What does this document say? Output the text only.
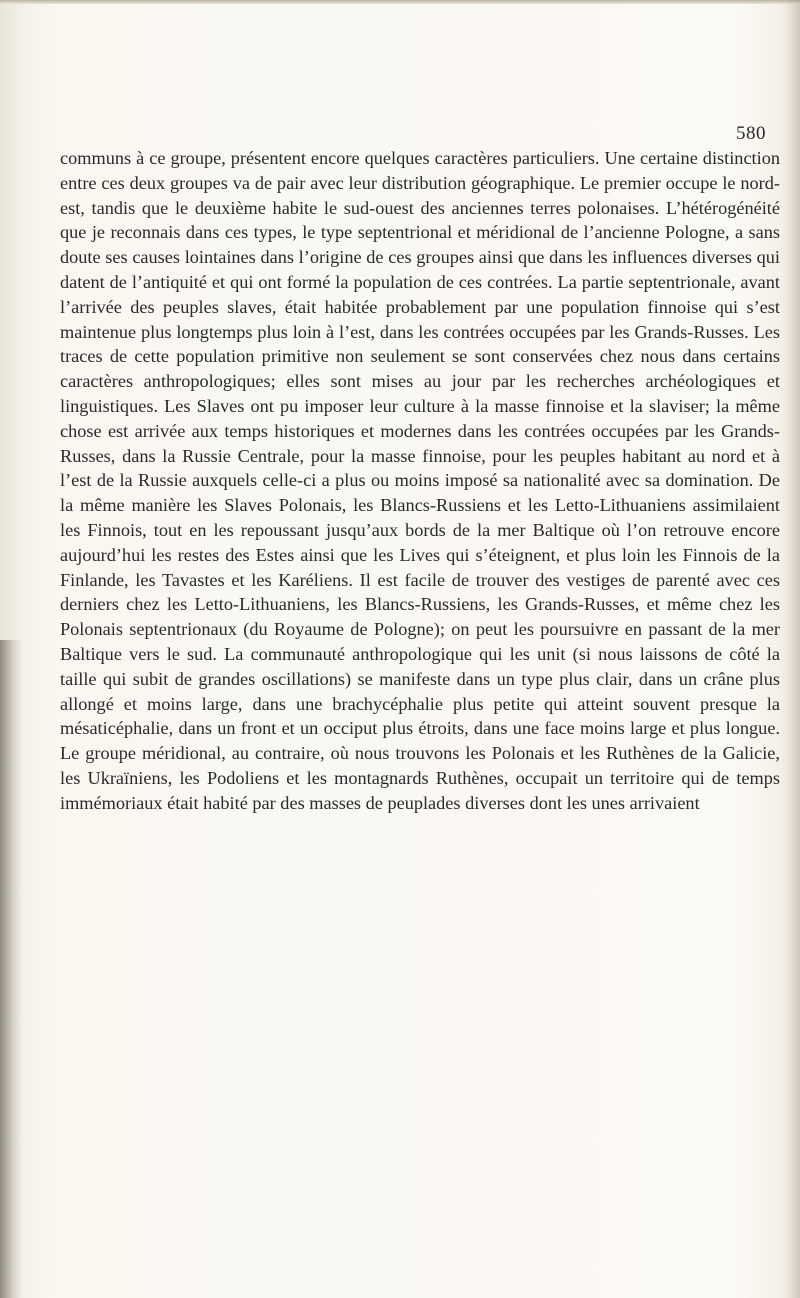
580

communs à ce groupe, présentent encore quelques caractères particuliers. Une certaine distinction entre ces deux groupes va de pair avec leur distribution géographique. Le premier occupe le nord-est, tandis que le deuxième habite le sud-ouest des anciennes terres polonaises. L’hétérogénéité que je reconnais dans ces types, le type septentrional et méridional de l’ancienne Pologne, a sans doute ses causes lointaines dans l’origine de ces groupes ainsi que dans les influences diverses qui datent de l’antiquité et qui ont formé la population de ces contrées. La partie septentrionale, avant l’arrivée des peuples slaves, était habitée probablement par une population finnoise qui s’est maintenue plus longtemps plus loin à l’est, dans les contrées occupées par les Grands-Russes. Les traces de cette population primitive non seulement se sont conservées chez nous dans certains caractères anthropologiques; elles sont mises au jour par les recherches archéologiques et linguistiques. Les Slaves ont pu imposer leur culture à la masse finnoise et la slaviser; la même chose est arrivée aux temps historiques et modernes dans les contrées occupées par les Grands-Russes, dans la Russie Centrale, pour la masse finnoise, pour les peuples habitant au nord et à l’est de la Russie auxquels celle-ci a plus ou moins imposé sa nationalité avec sa domination. De la même manière les Slaves Polonais, les Blancs-Russiens et les Letto-Lithuaniens assimilaient les Finnois, tout en les repoussant jusqu’aux bords de la mer Baltique où l’on retrouve encore aujourd’hui les restes des Estes ainsi que les Lives qui s’éteignent, et plus loin les Finnois de la Finlande, les Tavastes et les Karéliens. Il est facile de trouver des vestiges de parenté avec ces derniers chez les Letto-Lithuaniens, les Blancs-Russiens, les Grands-Russes, et même chez les Polonais septentrionaux (du Royaume de Pologne); on peut les poursuivre en passant de la mer Baltique vers le sud. La communauté anthropologique qui les unit (si nous laissons de côté la taille qui subit de grandes oscillations) se manifeste dans un type plus clair, dans un crâne plus allongé et moins large, dans une brachycéphalie plus petite qui atteint souvent presque la mésaticéphalie, dans un front et un occiput plus étroits, dans une face moins large et plus longue. Le groupe méridional, au contraire, où nous trouvons les Polonais et les Ruthènes de la Galicie, les Ukraïniens, les Podoliens et les montagnards Ruthènes, occupait un territoire qui de temps immémoriaux était habité par des masses de peuplades diverses dont les unes arrivaient
